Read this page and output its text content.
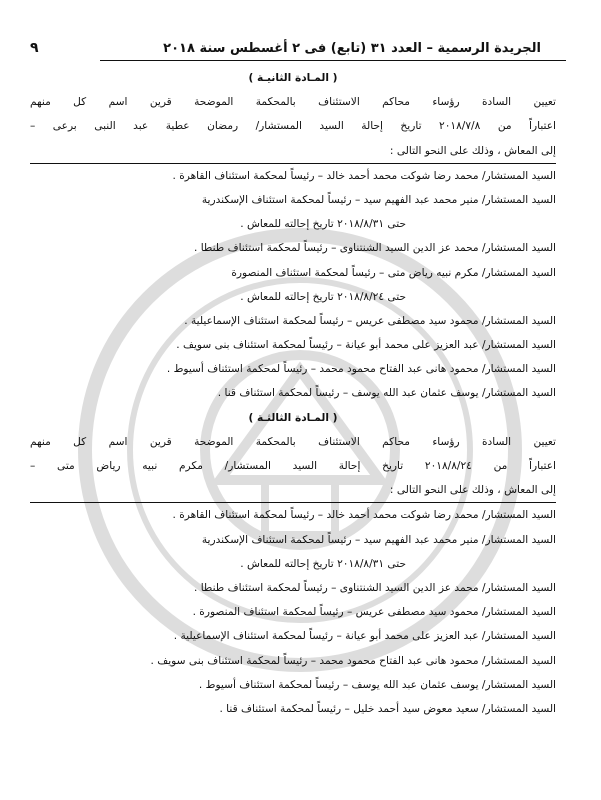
الجريدة الرسمية – العدد ٣١ (تابع) فى ٢ أغسطس سنة ٢٠١٨
٩
( المـادة الثانيـة )
تعيين السادة رؤساء محاكم الاستئناف بالمحكمة الموضحة قرين اسم كل منهم
اعتباراً من ٢٠١٨/٧/٨ تاريخ إحالة السيد المستشار/ رمضان عطية عبد النبى برعى –
إلى المعاش ، وذلك على النحو التالى :
السيد المستشار/ محمد رضا شوكت محمد أحمد خالد – رئيساً لمحكمة استئناف القاهرة .
السيد المستشار/ منير محمد عبد الفهيم سيد – رئيساً لمحكمة استئناف الإسكندرية
حتى ٢٠١٨/٨/٣١ تاريخ إحالته للمعاش .
السيد المستشار/ محمد عز الدين السيد الشنتناوى – رئيساً لمحكمة استئناف طنطا .
السيد المستشار/ مكرم نبيه رياض متى – رئيساً لمحكمة استئناف المنصورة
حتى ٢٠١٨/٨/٢٤ تاريخ إحالته للمعاش .
السيد المستشار/ محمود سيد مصطفى عريس – رئيساً لمحكمة استئناف الإسماعيلية .
السيد المستشار/ عبد العزيز على محمد أبو عيانة – رئيساً لمحكمة استئناف بنى سويف .
السيد المستشار/ محمود هانى عبد الفتاح محمود محمد – رئيساً لمحكمة استئناف أسيوط .
السيد المستشار/ يوسف عثمان عبد الله يوسف – رئيساً لمحكمة استئناف قنا .
( المـادة الثالثـة )
تعيين السادة رؤساء محاكم الاستئناف بالمحكمة الموضحة قرين اسم كل منهم
اعتباراً من ٢٠١٨/٨/٢٤ تاريخ إحالة السيد المستشار/ مكرم نبيه رياض متى –
إلى المعاش ، وذلك على النحو التالى :
السيد المستشار/ محمد رضا شوكت محمد أحمد خالد – رئيساً لمحكمة استئناف القاهرة .
السيد المستشار/ منير محمد عبد الفهيم سيد – رئيساً لمحكمة استئناف الإسكندرية
حتى ٢٠١٨/٨/٣١ تاريخ إحالته للمعاش .
السيد المستشار/ محمد عز الدين السيد الشنتناوى – رئيساً لمحكمة استئناف طنطا .
السيد المستشار/ محمود سيد مصطفى عريس – رئيساً لمحكمة استئناف المنصورة .
السيد المستشار/ عبد العزيز على محمد أبو عيانة – رئيساً لمحكمة استئناف الإسماعيلية .
السيد المستشار/ محمود هانى عبد الفتاح محمود محمد – رئيساً لمحكمة استئناف بنى سويف .
السيد المستشار/ يوسف عثمان عبد الله يوسف – رئيساً لمحكمة استئناف أسيوط .
السيد المستشار/ سعيد معوض سيد أحمد خليل – رئيساً لمحكمة استئناف قنا .
